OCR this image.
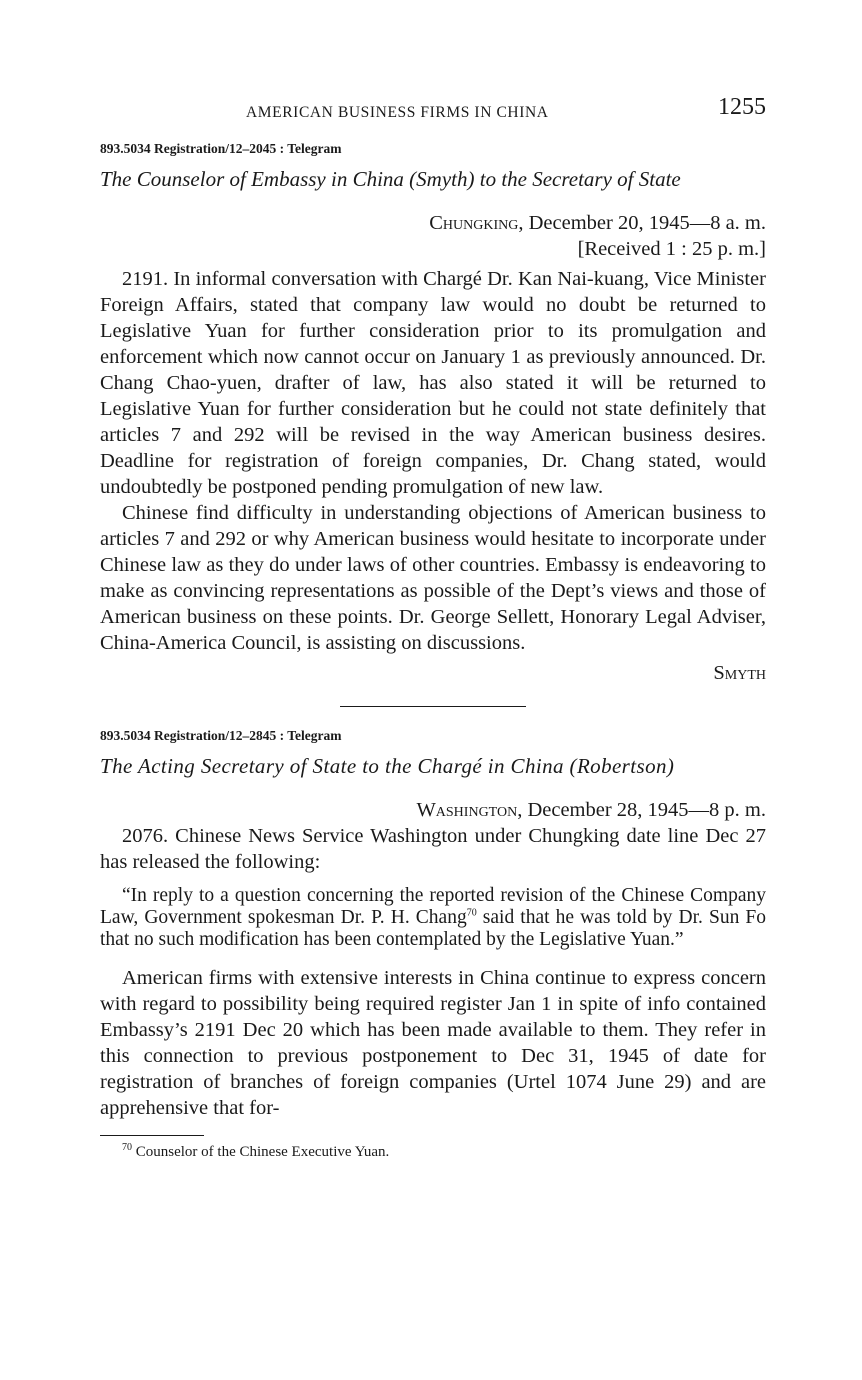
AMERICAN BUSINESS FIRMS IN CHINA	1255
893.5034 Registration/12–2045 : Telegram
The Counselor of Embassy in China (Smyth) to the Secretary of State
Chungking, December 20, 1945—8 a. m.
[Received 1 : 25 p. m.]

2191. In informal conversation with Chargé Dr. Kan Nai-kuang, Vice Minister Foreign Affairs, stated that company law would no doubt be returned to Legislative Yuan for further consideration prior to its promulgation and enforcement which now cannot occur on January 1 as previously announced. Dr. Chang Chao-yuen, drafter of law, has also stated it will be returned to Legislative Yuan for further consideration but he could not state definitely that articles 7 and 292 will be revised in the way American business desires. Deadline for registration of foreign companies, Dr. Chang stated, would undoubtedly be postponed pending promulgation of new law.

Chinese find difficulty in understanding objections of American business to articles 7 and 292 or why American business would hesitate to incorporate under Chinese law as they do under laws of other countries. Embassy is endeavoring to make as convincing representations as possible of the Dept’s views and those of American business on these points. Dr. George Sellett, Honorary Legal Adviser, China-America Council, is assisting on discussions.

Smyth
893.5034 Registration/12–2845 : Telegram
The Acting Secretary of State to the Chargé in China (Robertson)
Washington, December 28, 1945—8 p. m.

2076. Chinese News Service Washington under Chungking date line Dec 27 has released the following:

“In reply to a question concerning the reported revision of the Chinese Company Law, Government spokesman Dr. P. H. Chang$^{70}$ said that he was told by Dr. Sun Fo that no such modification has been contemplated by the Legislative Yuan.”

American firms with extensive interests in China continue to express concern with regard to possibility being required register Jan 1 in spite of info contained Embassy’s 2191 Dec 20 which has been made available to them. They refer in this connection to previous postponement to Dec 31, 1945 of date for registration of branches of foreign companies (Urtel 1074 June 29) and are apprehensive that for-

$^{70}$ Counselor of the Chinese Executive Yuan.
